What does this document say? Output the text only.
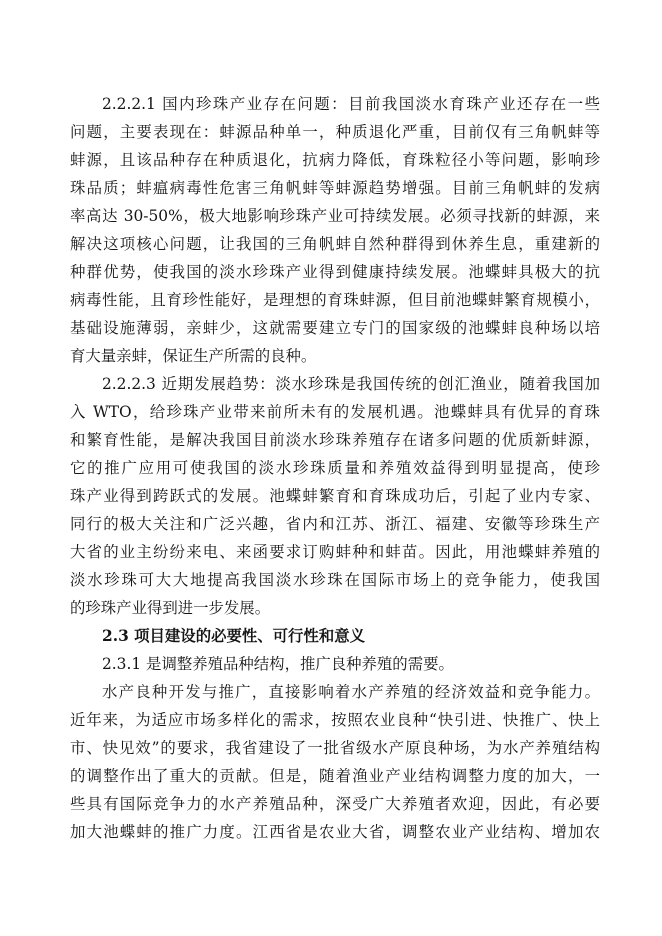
2.2.2.1 国内珍珠产业存在问题：目前我国淡水育珠产业还存在一些
问题，主要表现在：蚌源品种单一，种质退化严重，目前仅有三角帆蚌等
蚌源，且该品种存在种质退化，抗病力降低，育珠粒径小等问题，影响珍
珠品质；蚌瘟病毒性危害三角帆蚌等蚌源趋势增强。目前三角帆蚌的发病
率高达 30-50%，极大地影响珍珠产业可持续发展。必须寻找新的蚌源，来
解决这项核心问题，让我国的三角帆蚌自然种群得到休养生息，重建新的
种群优势，使我国的淡水珍珠产业得到健康持续发展。池蝶蚌具极大的抗
病毒性能，且育珍性能好，是理想的育珠蚌源，但目前池蝶蚌繁育规模小，
基础设施薄弱，亲蚌少，这就需要建立专门的国家级的池蝶蚌良种场以培
育大量亲蚌，保证生产所需的良种。
2.2.2.3 近期发展趋势：淡水珍珠是我国传统的创汇渔业，随着我国加
入 WTO，给珍珠产业带来前所未有的发展机遇。池蝶蚌具有优异的育珠
和繁育性能，是解决我国目前淡水珍珠养殖存在诸多问题的优质新蚌源，
它的推广应用可使我国的淡水珍珠质量和养殖效益得到明显提高，使珍
珠产业得到跨跃式的发展。池蝶蚌繁育和育珠成功后，引起了业内专家、
同行的极大关注和广泛兴趣，省内和江苏、浙江、福建、安徽等珍珠生产
大省的业主纷纷来电、来函要求订购蚌种和蚌苗。因此，用池蝶蚌养殖的
淡水珍珠可大大地提高我国淡水珍珠在国际市场上的竞争能力，使我国
的珍珠产业得到进一步发展。
2.3 项目建设的必要性、可行性和意义
2.3.1 是调整养殖品种结构，推广良种养殖的需要。
水产良种开发与推广，直接影响着水产养殖的经济效益和竞争能力。
近年来，为适应市场多样化的需求，按照农业良种“快引进、快推广、快上
市、快见效”的要求，我省建设了一批省级水产原良种场，为水产养殖结构
的调整作出了重大的贡献。但是，随着渔业产业结构调整力度的加大，一
些具有国际竞争力的水产养殖品种，深受广大养殖者欢迎，因此，有必要
加大池蝶蚌的推广力度。江西省是农业大省，调整农业产业结构、增加农
